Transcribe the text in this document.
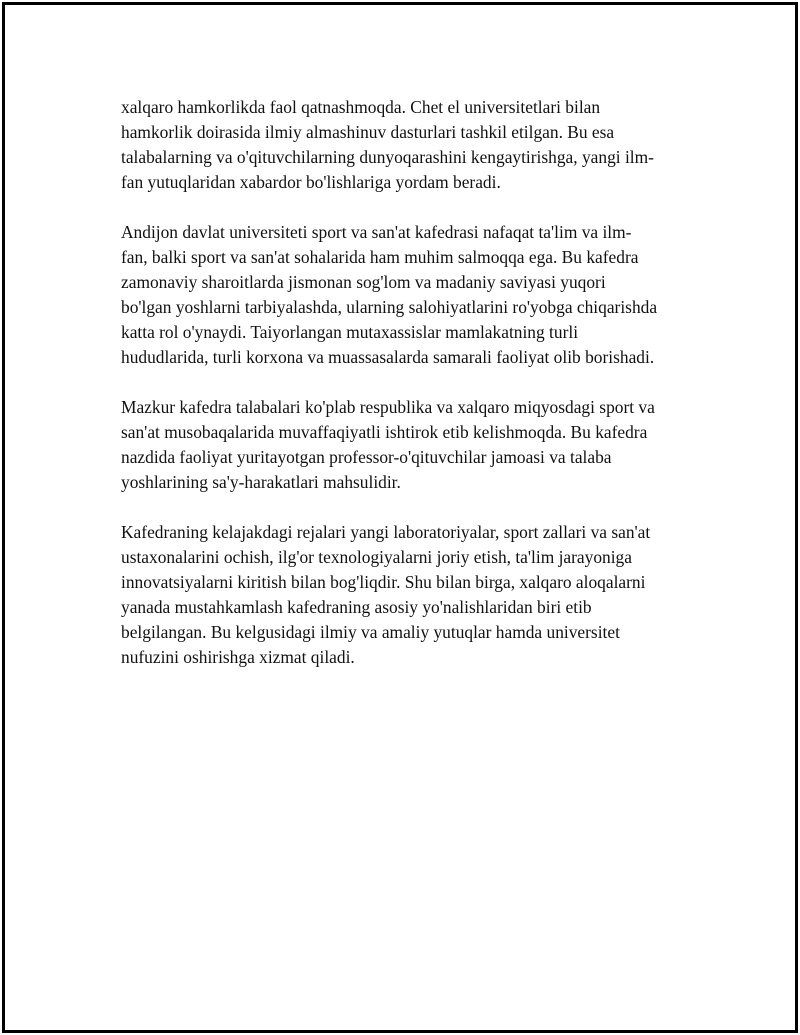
xalqaro hamkorlikda faol qatnashmoqda. Chet el universitetlari bilan
hamkorlik doirasida ilmiy almashinuv dasturlari tashkil etilgan. Bu esa
talabalarning va o'qituvchilarning dunyoqarashini kengaytirishga, yangi ilm-
fan yutuqlaridan xabardor bo'lishlariga yordam beradi.

Andijon davlat universiteti sport va san'at kafedrasi nafaqat ta'lim va ilm-
fan, balki sport va san'at sohalarida ham muhim salmoqqa ega. Bu kafedra
zamonaviy sharoitlarda jismonan sog'lom va madaniy saviyasi yuqori
bo'lgan yoshlarni tarbiyalashda, ularning salohiyatlarini ro'yobga chiqarishda
katta rol o'ynaydi. Taiyorlangan mutaxassislar mamlakatning turli
hududlarida, turli korxona va muassasalarda samarali faoliyat olib borishadi.

Mazkur kafedra talabalari ko'plab respublika va xalqaro miqyosdagi sport va
san'at musobaqalarida muvaffaqiyatli ishtirok etib kelishmoqda. Bu kafedra
nazdida faoliyat yuritayotgan professor-o'qituvchilar jamoasi va talaba
yoshlarining sa'y-harakatlari mahsulidir.

Kafedraning kelajakdagi rejalari yangi laboratoriyalar, sport zallari va san'at
ustaxonalarini ochish, ilg'or texnologiyalarni joriy etish, ta'lim jarayoniga
innovatsiyalarni kiritish bilan bog'liqdir. Shu bilan birga, xalqaro aloqalarni
yanada mustahkamlash kafedraning asosiy yo'nalishlaridan biri etib
belgilangan. Bu kelgusidagi ilmiy va amaliy yutuqlar hamda universitet
nufuzini oshirishga xizmat qiladi.
